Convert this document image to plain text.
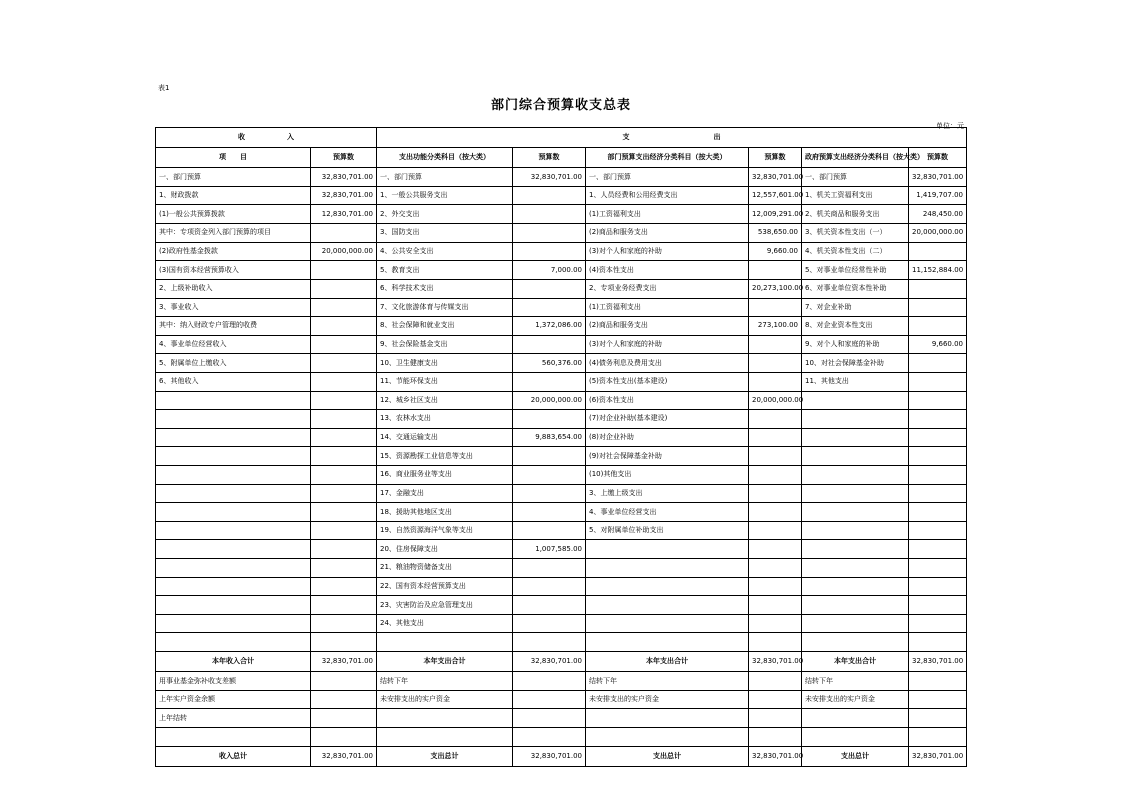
表1
部门综合预算收支总表
单位：元
收　　　　　　入		支　　　　　　　　　　　　出					
项　　目	预算数	支出功能分类科目（按大类）	预算数	部门预算支出经济分类科目（按大类）	预算数	政府预算支出经济分类科目（按大类）	预算数
一、部门预算	32,830,701.00	一、部门预算	32,830,701.00	一、部门预算	32,830,701.00	一、部门预算	32,830,701.00
1、财政拨款	32,830,701.00	1、一般公共服务支出		1、人员经费和公用经费支出	12,557,601.00	1、机关工资福利支出	1,419,707.00
(1)一般公共预算拨款	12,830,701.00	2、外交支出		(1)工资福利支出	12,009,291.00	2、机关商品和服务支出	248,450.00
其中：专项资金列入部门预算的项目		3、国防支出		(2)商品和服务支出	538,650.00	3、机关资本性支出（一）	20,000,000.00
(2)政府性基金拨款	20,000,000.00	4、公共安全支出		(3)对个人和家庭的补助	9,660.00	4、机关资本性支出（二）	
(3)国有资本经营预算收入		5、教育支出	7,000.00	(4)资本性支出		5、对事业单位经常性补助	11,152,884.00
2、上级补助收入		6、科学技术支出		2、专项业务经费支出	20,273,100.00	6、对事业单位资本性补助	
3、事业收入		7、文化旅游体育与传媒支出		(1)工资福利支出		7、对企业补助	
其中：纳入财政专户管理的收费		8、社会保障和就业支出	1,372,086.00	(2)商品和服务支出	273,100.00	8、对企业资本性支出	
4、事业单位经营收入		9、社会保险基金支出		(3)对个人和家庭的补助		9、对个人和家庭的补助	9,660.00
5、附属单位上缴收入		10、卫生健康支出	560,376.00	(4)债务利息及费用支出		10、对社会保障基金补助	
6、其他收入		11、节能环保支出		(5)资本性支出(基本建设)		11、其他支出	
		12、城乡社区支出	20,000,000.00	(6)资本性支出	20,000,000.00		
		13、农林水支出		(7)对企业补助(基本建设)			
		14、交通运输支出	9,883,654.00	(8)对企业补助			
		15、资源勘探工业信息等支出		(9)对社会保障基金补助			
		16、商业服务业等支出		(10)其他支出			
		17、金融支出		3、上缴上级支出			
		18、援助其他地区支出		4、事业单位经营支出			
		19、自然资源海洋气象等支出		5、对附属单位补助支出			
		20、住房保障支出	1,007,585.00				
		21、粮油物资储备支出					
		22、国有资本经营预算支出					
		23、灾害防治及应急管理支出					
		24、其他支出					

本年收入合计	32,830,701.00	本年支出合计	32,830,701.00	本年支出合计	32,830,701.00	本年支出合计	32,830,701.00
用事业基金弥补收支差额		结转下年		结转下年		结转下年	
上年实户资金余额		未安排支出的实户资金		未安排支出的实户资金		未安排支出的实户资金	
上年结转							

收入总计	32,830,701.00	支出总计	32,830,701.00	支出总计	32,830,701.00	支出总计	32,830,701.00
